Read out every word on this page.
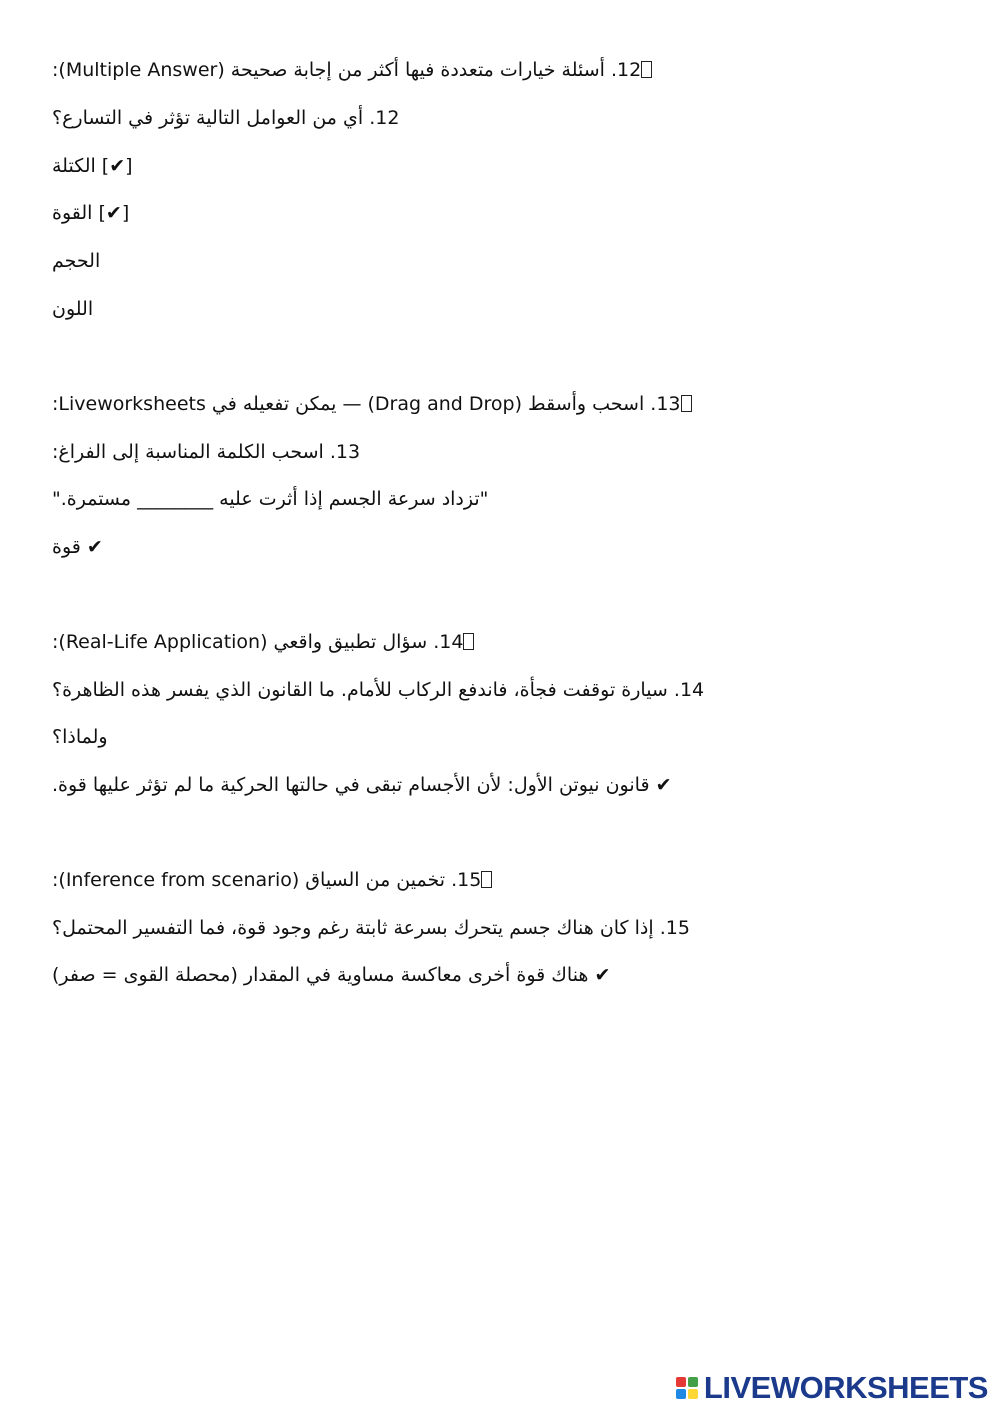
12. أسئلة خيارات متعددة فيها أكثر من إجابة صحيحة (Multiple Answer):
12. أي من العوامل التالية تؤثر في التسارع؟
[✔] الكتلة
[✔] القوة
الحجم
اللون
13. اسحب وأسقط (Drag and Drop) — يمكن تفعيله في Liveworksheets:
13. اسحب الكلمة المناسبة إلى الفراغ:
"تزداد سرعة الجسم إذا أثرت عليه ________ مستمرة."
✔ قوة
14. سؤال تطبيق واقعي (Real-Life Application):
14. سيارة توقفت فجأة، فاندفع الركاب للأمام. ما القانون الذي يفسر هذه الظاهرة؟
ولماذا؟
✔ قانون نيوتن الأول: لأن الأجسام تبقى في حالتها الحركية ما لم تؤثر عليها قوة.
15. تخمين من السياق (Inference from scenario):
15. إذا كان هناك جسم يتحرك بسرعة ثابتة رغم وجود قوة، فما التفسير المحتمل؟
✔ هناك قوة أخرى معاكسة مساوية في المقدار (محصلة القوى = صفر)
LIVEWORKSHEETS
